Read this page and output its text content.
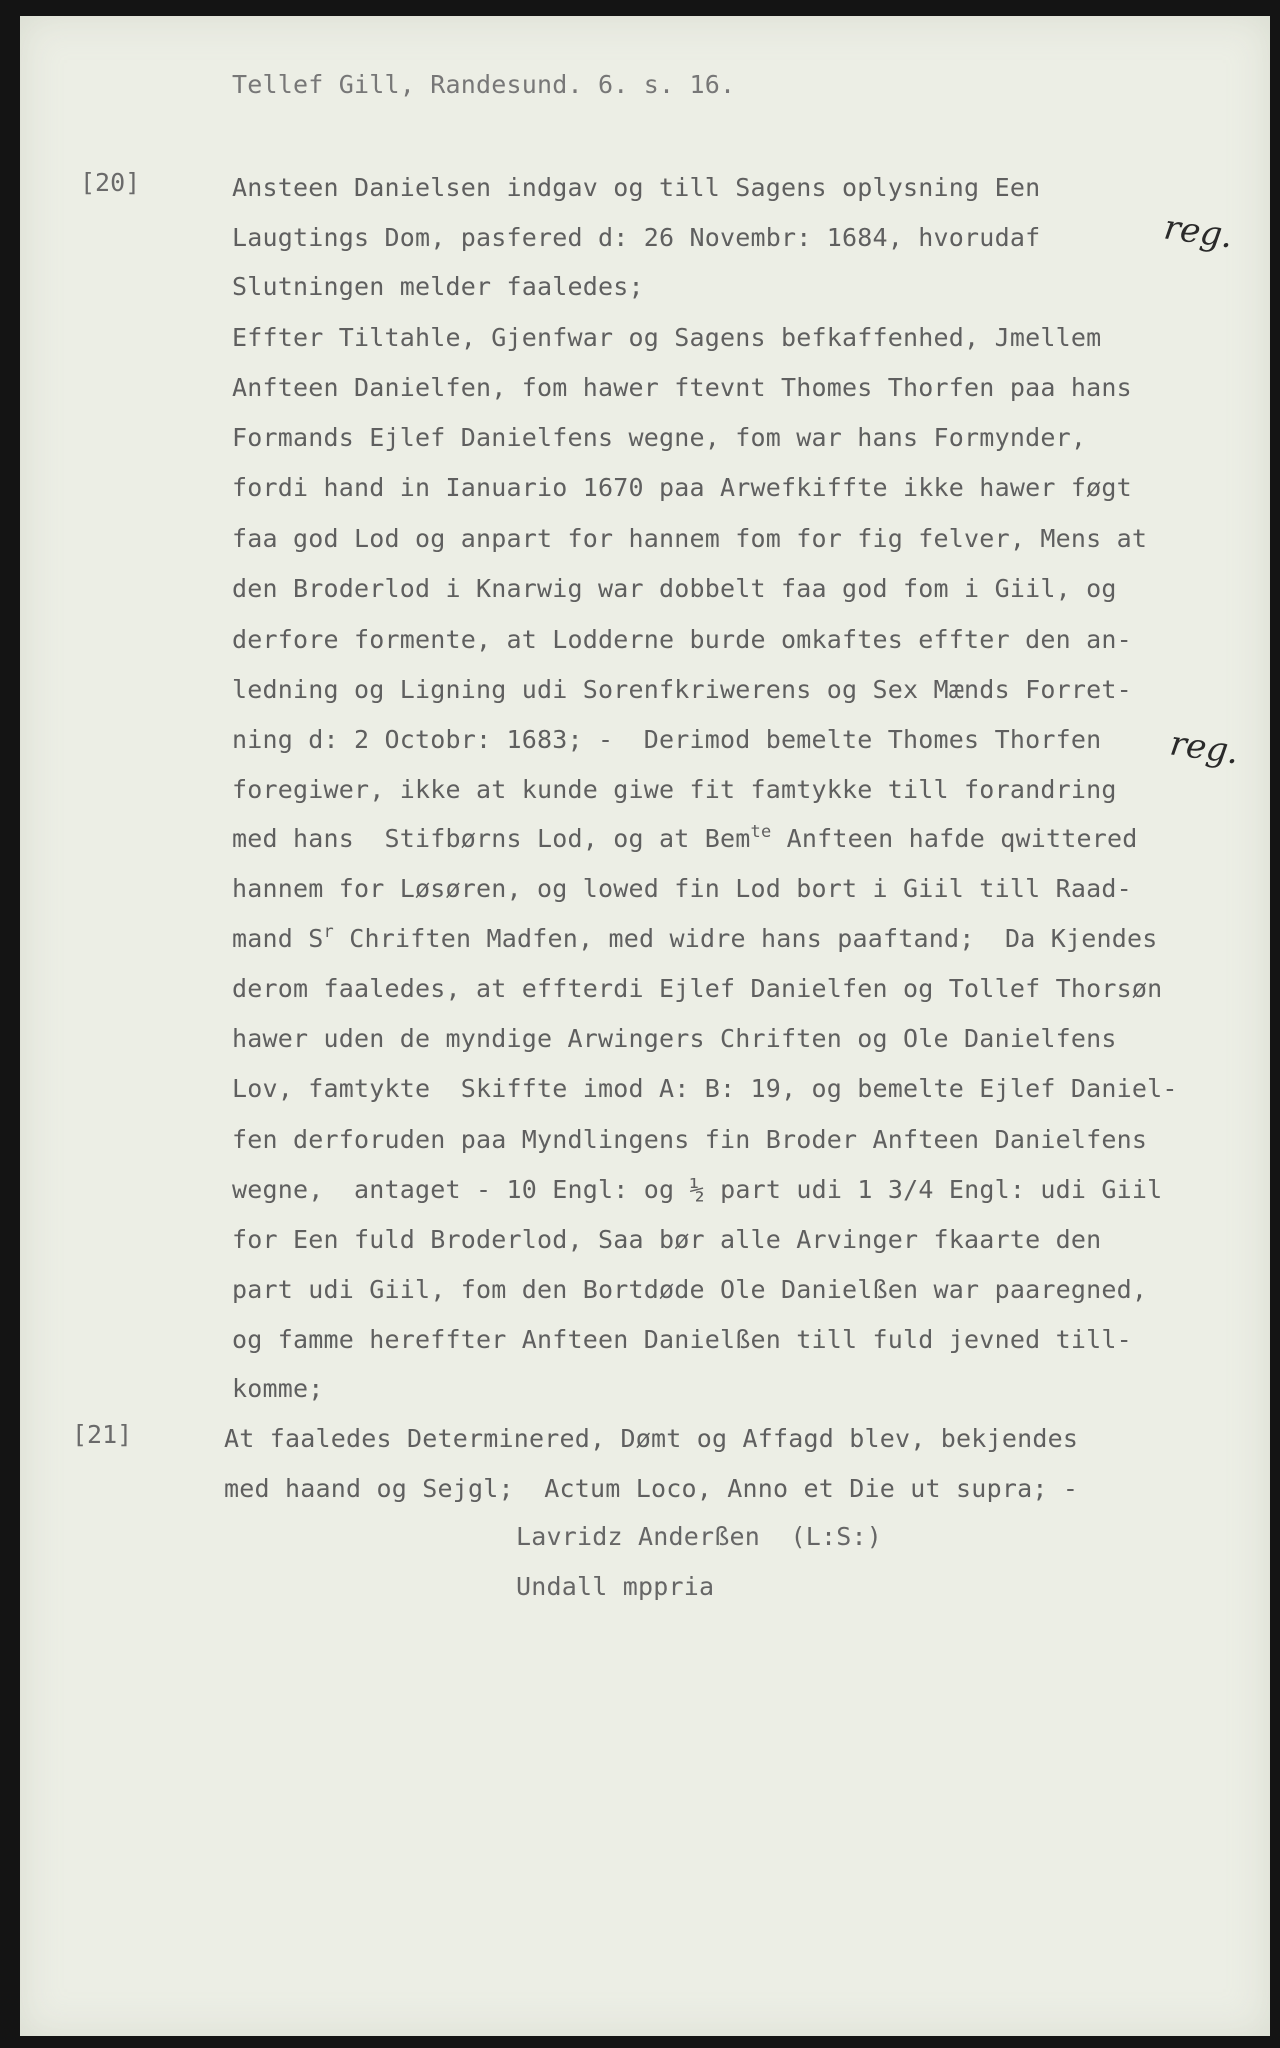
Tellef Gill, Randesund. 6. s. 16.
[20]
reg.
Ansteen Danielsen indgav og till Sagens oplysning Een
Laugtings Dom, pasfered d: 26 Novembr: 1684, hvorudaf
Slutningen melder faaledes;
Effter Tiltahle, Gjenfwar og Sagens befkaffenhed, Jmellem
Anfteen Danielfen, fom hawer ftevnt Thomes Thorfen paa hans
Formands Ejlef Danielfens wegne, fom war hans Formynder,
fordi hand in Ianuario 1670 paa Arwefkiffte ikke hawer føgt
faa god Lod og anpart for hannem fom for fig felver, Mens at
den Broderlod i Knarwig war dobbelt faa god fom i Giil, og
derfore formente, at Lodderne burde omkaftes effter den an-
ledning og Ligning udi Sorenfkriwerens og Sex Mænds Forret-
ning d: 2 Octobr: 1683; -  Derimod bemelte Thomes Thorfen reg.
foregiwer, ikke at kunde giwe fit famtykke till forandring
med hans  Stifbørns Lod, og at Bem$^{te}$ Anfteen hafde qwittered
hannem for Løsøren, og lowed fin Lod bort i Giil till Raad-
mand $S^r$ Chriften Madfen, med widre hans paaftand;  Da Kjendes
derom faaledes, at effterdi Ejlef Danielfen og Tollef Thorsøn
hawer uden de myndige Arwingers Chriften og Ole Danielfens
Lov, famtykte  Skiffte imod A: B: 19, og bemelte Ejlef Daniel-
fen derforuden paa Myndlingens fin Broder Anfteen Danielfens
wegne,  antaget - 10 Engl: og ½ part udi 1 3/4 Engl: udi Giil
for Een fuld Broderlod, Saa bør alle Arvinger fkaarte den
part udi Giil, fom den Bortdøde Ole Danielßen war paaregned,
og famme hereffter Anfteen Danielßen till fuld jevned till-
komme;
[21]	At faaledes Determinered, Dømt og Affagd blev, bekjendes
med haand og Sejgl;  Actum Loco, Anno et Die ut supra; -
Lavridz Anderßen  (L:S:)
Undall mppria
